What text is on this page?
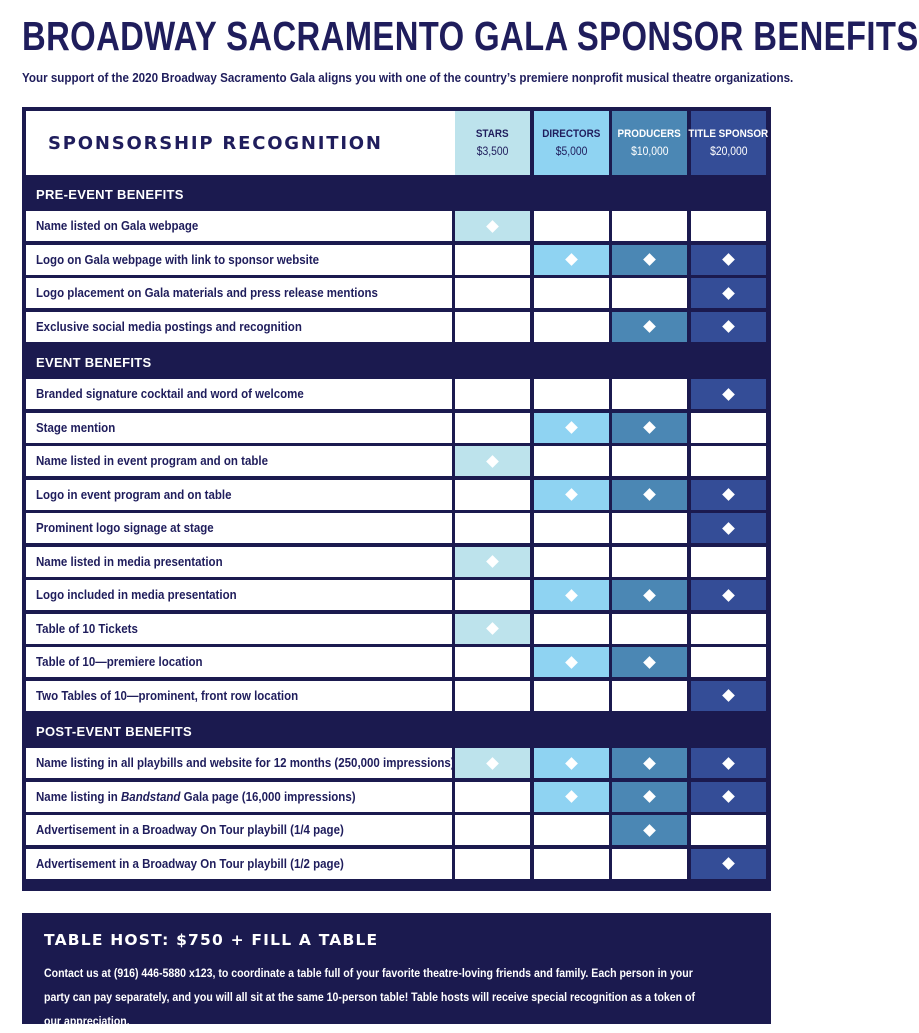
BROADWAY SACRAMENTO GALA SPONSOR BENEFITS
Your support of the 2020 Broadway Sacramento Gala aligns you with one of the country’s premiere nonprofit musical theatre organizations.
SPONSORSHIP RECOGNITION	STARS
$3,500
DIRECTORS
$5,000
PRODUCERS
$10,000
TITLE SPONSOR
$20,000
PRE-EVENT BENEFITS
Name listed on Gala webpage
Logo on Gala webpage with link to sponsor website
Logo placement on Gala materials and press release mentions
Exclusive social media postings and recognition
EVENT BENEFITS
Branded signature cocktail and word of welcome
Stage mention
Name listed in event program and on table
Logo in event program and on table
Prominent logo signage at stage
Name listed in media presentation
Logo included in media presentation
Table of 10 Tickets
Table of 10—premiere location
Two Tables of 10—prominent, front row location
POST-EVENT BENEFITS
Name listing in all playbills and website for 12 months (250,000 impressions)
Name listing in Bandstand Gala page (16,000 impressions)
Advertisement in a Broadway On Tour playbill (1/4 page)
Advertisement in a Broadway On Tour playbill (1/2 page)
TABLE HOST: $750 + FILL A TABLE
Contact us at (916) 446-5880 x123, to coordinate a table full of your favorite theatre-loving friends and family. Each person in your party can pay separately, and you will all sit at the same 10-person table! Table hosts will receive special recognition as a token of our appreciation.
